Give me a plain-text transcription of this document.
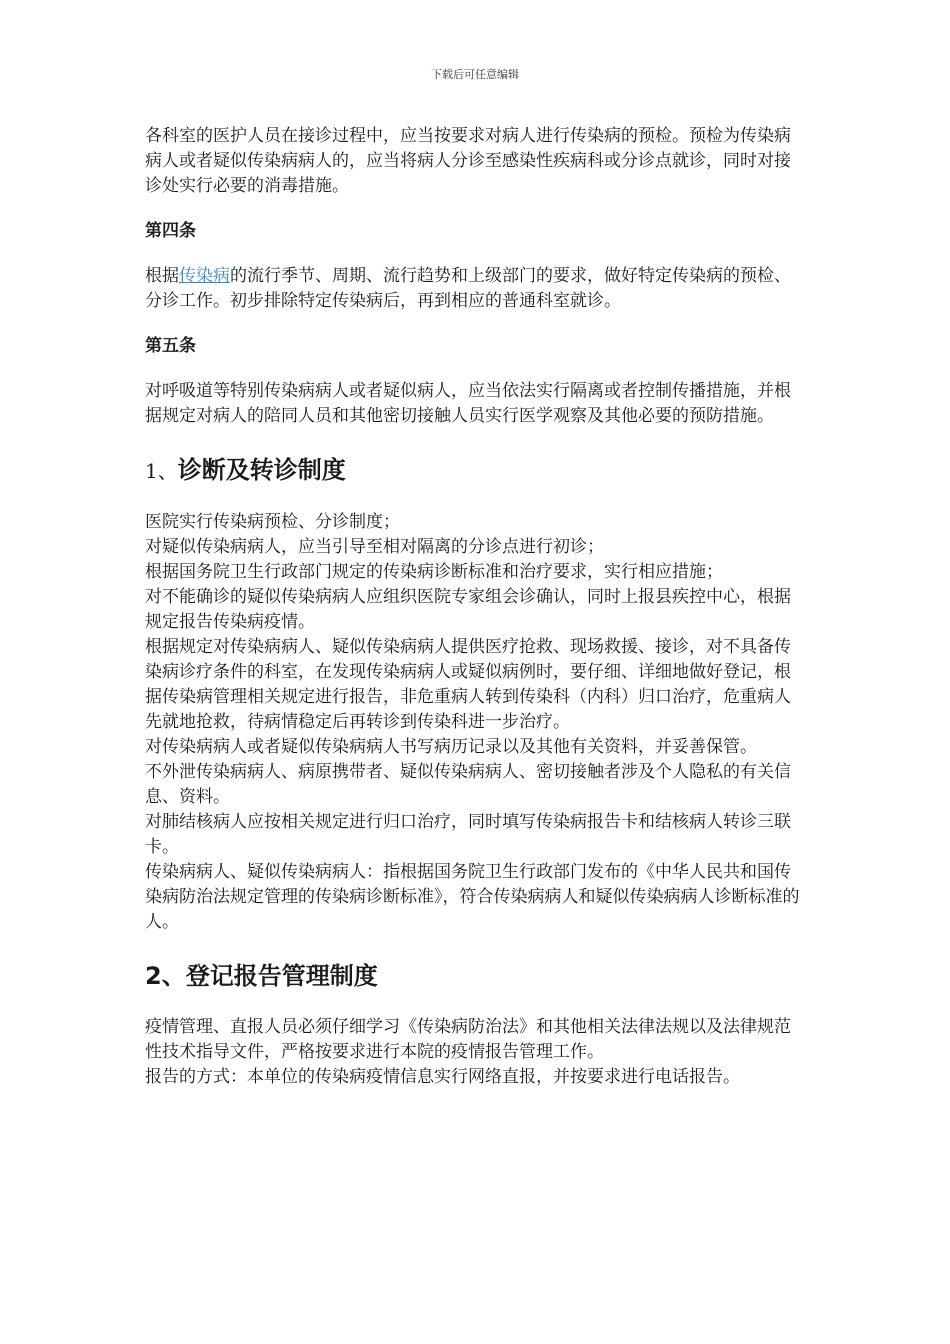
下载后可任意编辑

各科室的医护人员在接诊过程中，应当按要求对病人进行传染病的预检。预检为传染病病人或者疑似传染病病人的，应当将病人分诊至感染性疾病科或分诊点就诊，同时对接诊处实行必要的消毒措施。

第四条

根据传染病的流行季节、周期、流行趋势和上级部门的要求，做好特定传染病的预检、分诊工作。初步排除特定传染病后，再到相应的普通科室就诊。

第五条

对呼吸道等特别传染病病人或者疑似病人，应当依法实行隔离或者控制传播措施，并根据规定对病人的陪同人员和其他密切接触人员实行医学观察及其他必要的预防措施。

1、诊断及转诊制度

医院实行传染病预检、分诊制度；

对疑似传染病病人，应当引导至相对隔离的分诊点进行初诊；

根据国务院卫生行政部门规定的传染病诊断标准和治疗要求，实行相应措施；

对不能确诊的疑似传染病病人应组织医院专家组会诊确认，同时上报县疾控中心，根据规定报告传染病疫情。

根据规定对传染病病人、疑似传染病病人提供医疗抢救、现场救援、接诊，对不具备传染病诊疗条件的科室，在发现传染病病人或疑似病例时，要仔细、详细地做好登记，根据传染病管理相关规定进行报告，非危重病人转到传染科（内科）归口治疗，危重病人先就地抢救，待病情稳定后再转诊到传染科进一步治疗。

对传染病病人或者疑似传染病病人书写病历记录以及其他有关资料，并妥善保管。

不外泄传染病病人、病原携带者、疑似传染病病人、密切接触者涉及个人隐私的有关信息、资料。

对肺结核病人应按相关规定进行归口治疗，同时填写传染病报告卡和结核病人转诊三联卡。

传染病病人、疑似传染病病人：指根据国务院卫生行政部门发布的《中华人民共和国传染病防治法规定管理的传染病诊断标准》，符合传染病病人和疑似传染病病人诊断标准的人。

2、登记报告管理制度

疫情管理、直报人员必须仔细学习《传染病防治法》和其他相关法律法规以及法律规范性技术指导文件，严格按要求进行本院的疫情报告管理工作。

报告的方式：本单位的传染病疫情信息实行网络直报，并按要求进行电话报告。
